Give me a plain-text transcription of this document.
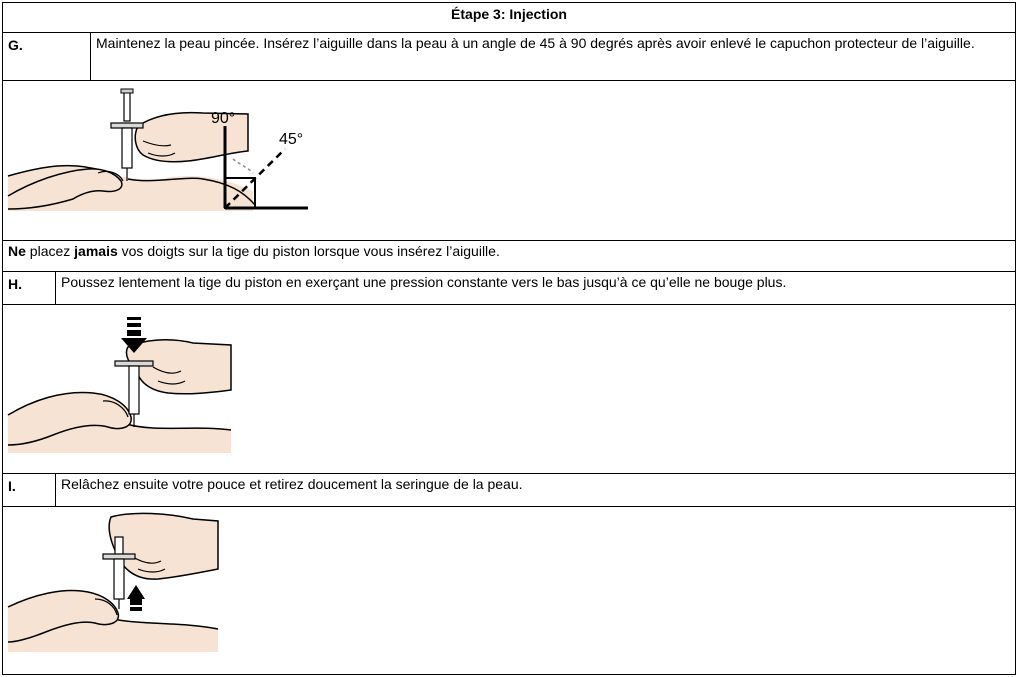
Étape 3: Injection
G.	Maintenez la peau pincée. Insérez l’aiguille dans la peau à un angle de 45 à 90 degrés après avoir enlevé le capuchon protecteur de l’aiguille.
90°
45°
Ne placez jamais vos doigts sur la tige du piston lorsque vous insérez l’aiguille.
H.	Poussez lentement la tige du piston en exerçant une pression constante vers le bas jusqu’à ce qu’elle ne bouge plus.
I.	Relâchez ensuite votre pouce et retirez doucement la seringue de la peau.
